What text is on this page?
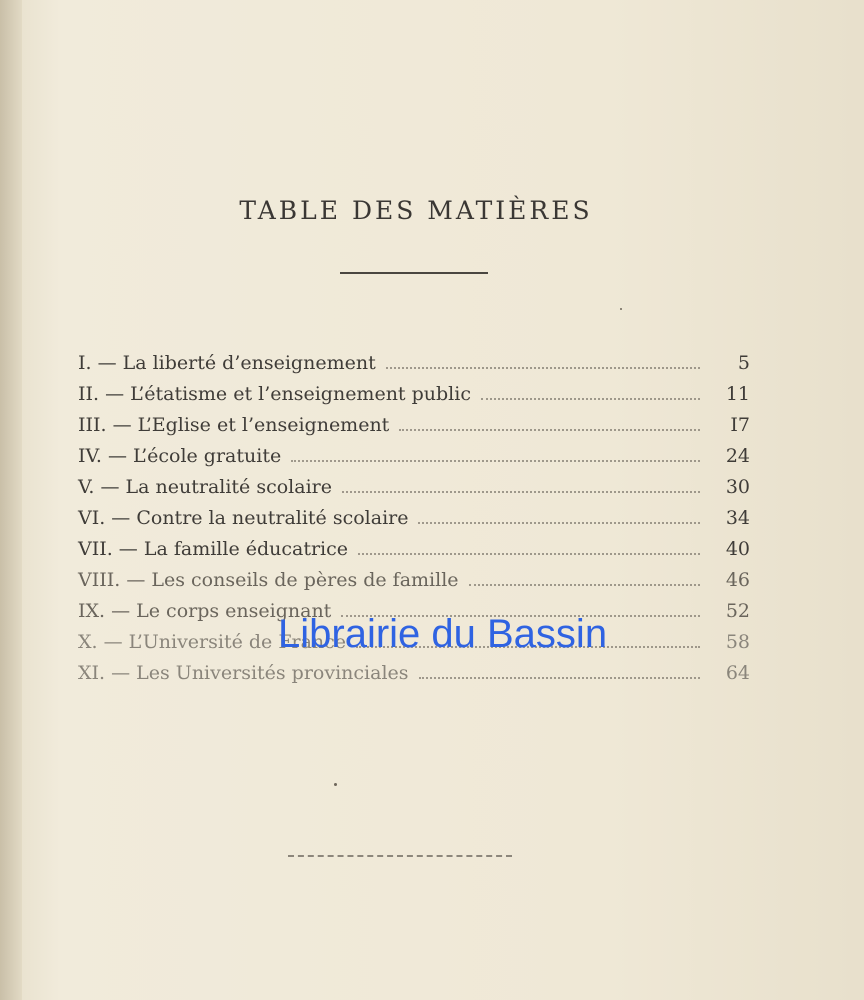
TABLE DES MATIÈRES
I. — La liberté d’enseignement	5
II. — L’étatisme et l’enseignement public	11
III. — L’Eglise et l’enseignement	I7
IV. — L’école gratuite	24
V. — La neutralité scolaire	30
VI. — Contre la neutralité scolaire	34
VII. — La famille éducatrice	40
VIII. — Les conseils de pères de famille	46
IX. — Le corps enseignant	52
X. — L’Université de France	58
XI. — Les Universités provinciales	64
Librairie du Bassin
